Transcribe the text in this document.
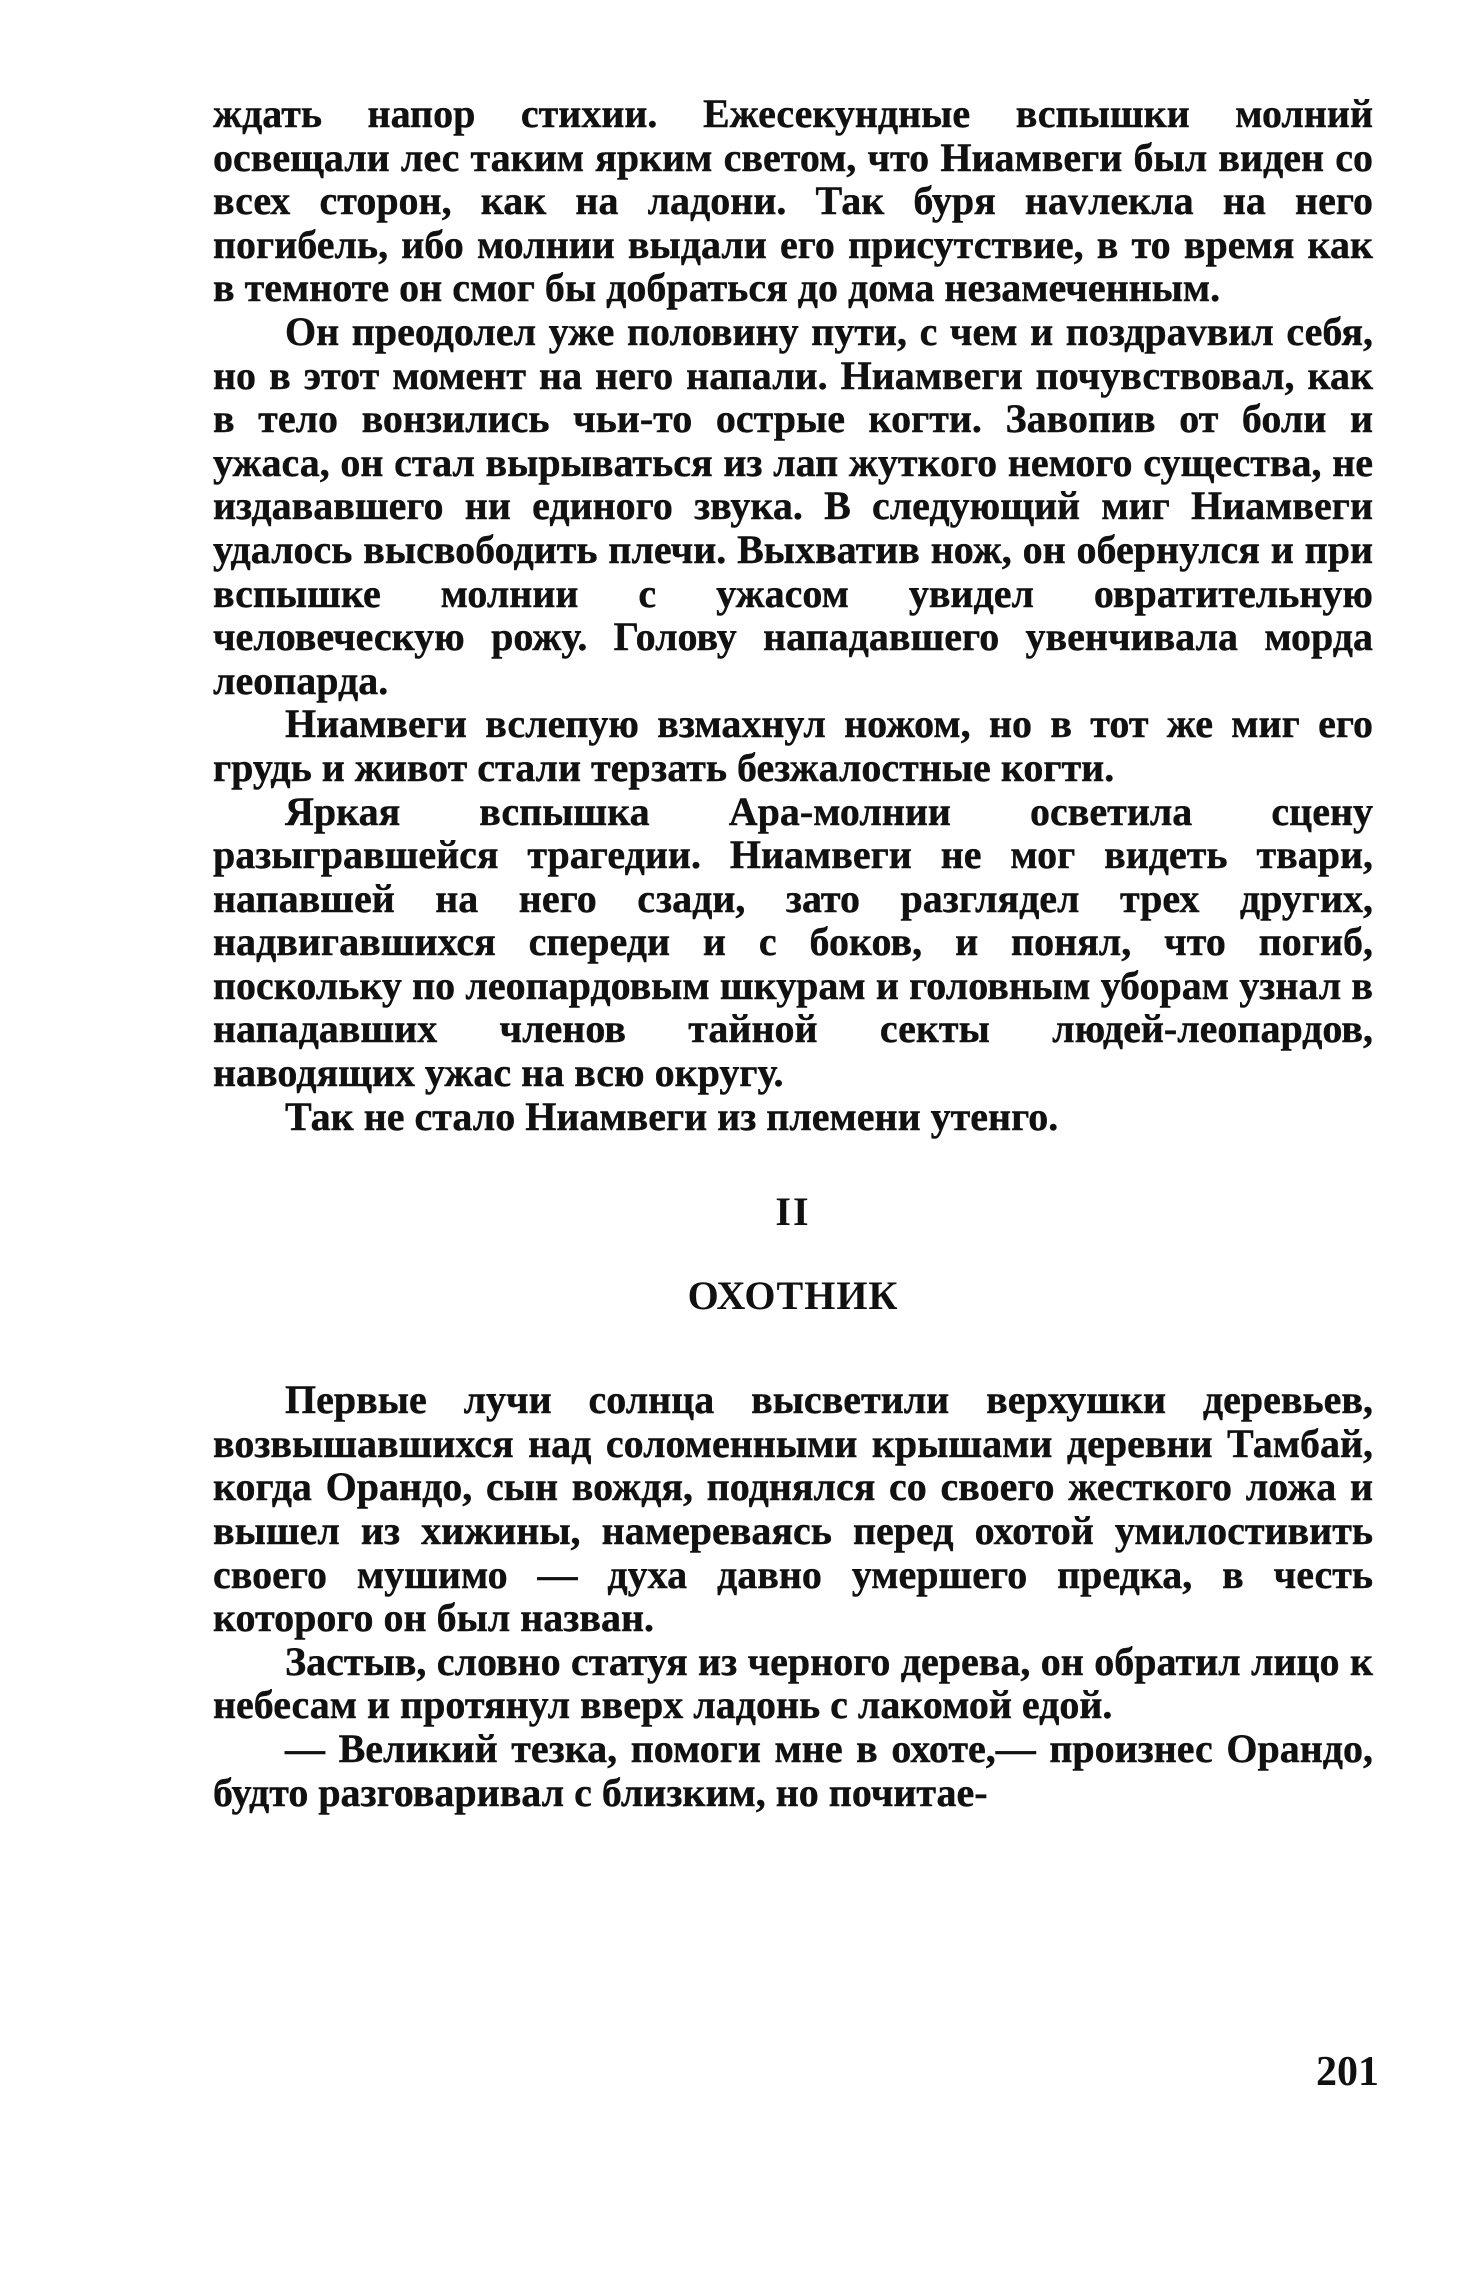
ждать напор стихии. Ежесекундные вспышки молний освещали лес таким ярким светом, что Ниамвеги был виден со всех сторон, как на ладони. Так буря наvлекла на него погибель, ибо молнии выдали его присутствие, в то время как в темноте он смог бы добраться до дома незамеченным.

Он преодолел уже половину пути, с чем и поздраvвил себя, но в этот момент на него напали. Ниамвеги почувствовал, как в тело вонзились чьи-то острые когти. Завопив от боли и ужаса, он стал вырываться из лап жуткого немого существа, не издававшего ни единого звука. В следующий миг Ниамвеги удалось высвободить плечи. Выхватив нож, он обернулся и при вспышке молнии с ужасом увидел овратительную человеческую рожу. Голову нападавшего увенчивала морда леопарда.

Ниамвеги вслепую взмахнул ножом, но в тот же миг его грудь и живот стали терзать безжалостные когти.

Яркая вспышка Ара-молнии осветила сцену разыгравшейся трагедии. Ниамвеги не мог видеть твари, напавшей на него сзади, зато разглядел трех других, надвигавшихся спереди и с боков, и понял, что погиб, поскольку по леопардовым шкурам и головным уборам узнал в нападавших членов тайной секты людей-леопардов, наводящих ужас на всю округу.

Так не стало Ниамвеги из племени утенго.

II
ОХОТНИК

Первые лучи солнца высветили верхушки деревьев, возвышавшихся над соломенными крышами деревни Тамбай, когда Орандо, сын вождя, поднялся со своего жесткого ложа и вышел из хижины, намереваясь перед охотой умилостивить своего мушимо — духа давно умершего предка, в честь которого он был назван.

Застыв, словно статуя из черного дерева, он обратил лицо к небесам и протянул вверх ладонь с лакомой едой.

— Великий тезка, помоги мне в охоте,— произнес Орандо, будто разговаривал с близким, но почитае-

201
